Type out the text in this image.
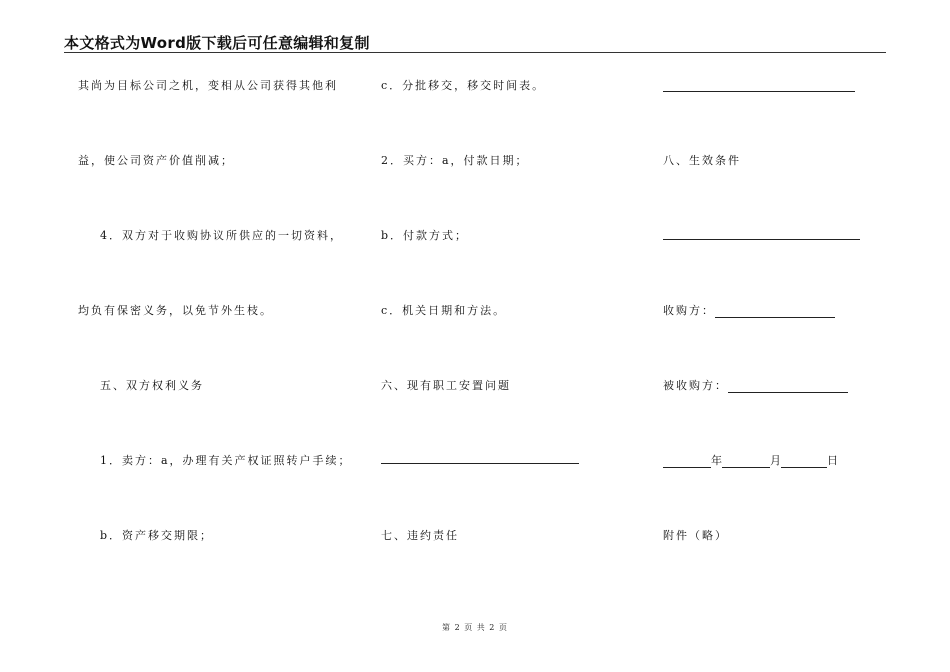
本文格式为Word版下载后可任意编辑和复制
其尚为目标公司之机，变相从公司获得其他利
益，使公司资产价值削减；
4．双方对于收购协议所供应的一切资料，
均负有保密义务，以免节外生枝。
五、双方权利义务
1．卖方：a，办理有关产权证照转户手续；
b．资产移交期限；
c．分批移交，移交时间表。
2．买方：a，付款日期；
b．付款方式；
c．机关日期和方法。
六、现有职工安置问题
七、违约责任
八、生效条件
收购方：
被收购方：
年	月	日
附件（略）
第 2 页 共 2 页
